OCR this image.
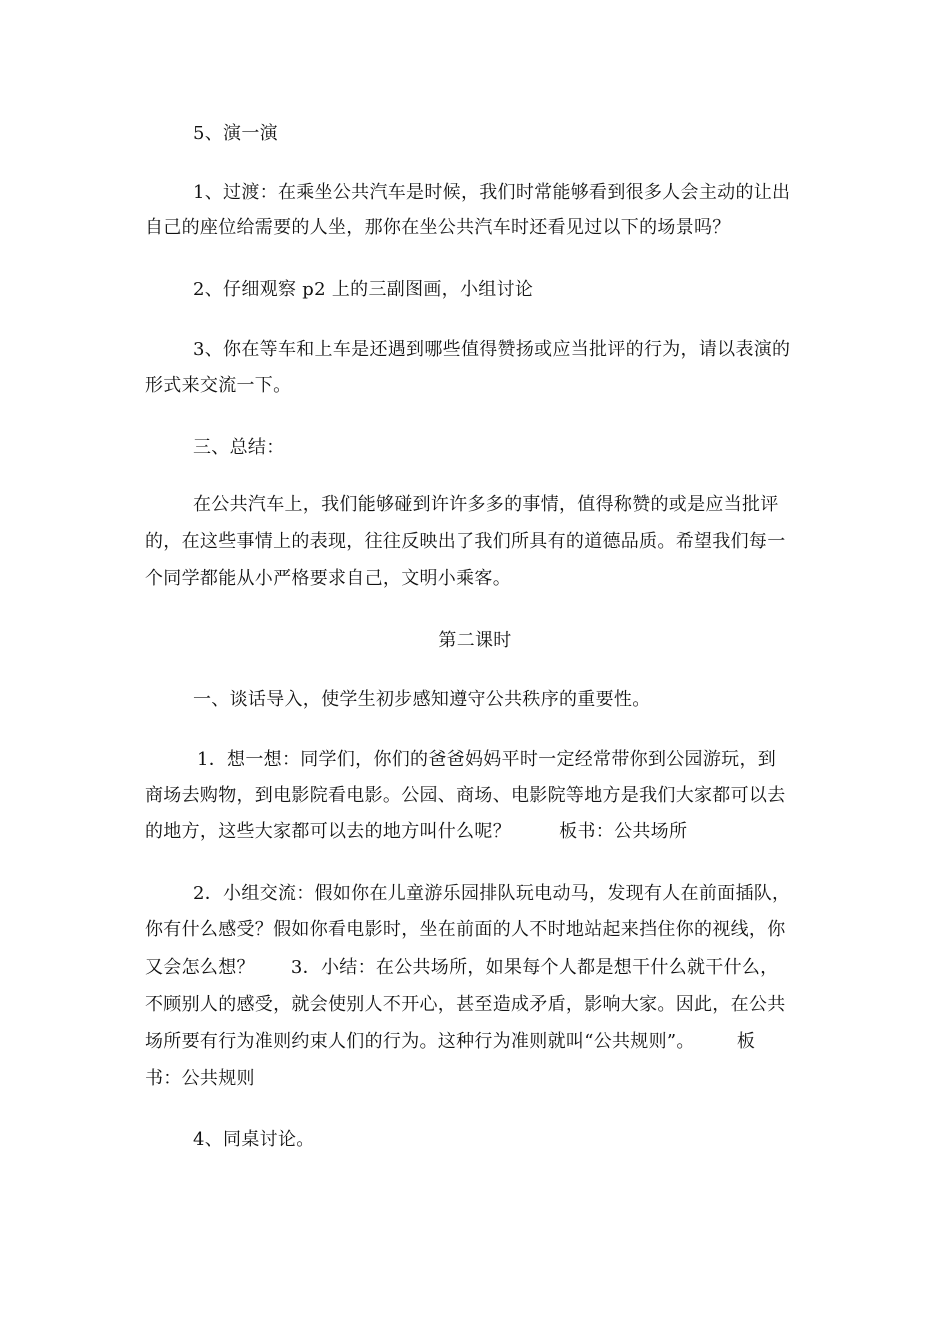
5、演一演
1、过渡：在乘坐公共汽车是时候，我们时常能够看到很多人会主动的让出
自己的座位给需要的人坐，那你在坐公共汽车时还看见过以下的场景吗？
2、仔细观察 p2 上的三副图画，小组讨论
3、你在等车和上车是还遇到哪些值得赞扬或应当批评的行为，请以表演的
形式来交流一下。
三、总结：
在公共汽车上，我们能够碰到许许多多的事情，值得称赞的或是应当批评
的，在这些事情上的表现，往往反映出了我们所具有的道德品质。希望我们每一
个同学都能从小严格要求自己，文明小乘客。
第二课时
一、谈话导入，使学生初步感知遵守公共秩序的重要性。
1．想一想：同学们，你们的爸爸妈妈平时一定经常带你到公园游玩，到
商场去购物，到电影院看电影。公园、商场、电影院等地方是我们大家都可以去
的地方，这些大家都可以去的地方叫什么呢？        板书：公共场所
2．小组交流：假如你在儿童游乐园排队玩电动马，发现有人在前面插队，
你有什么感受？假如你看电影时，坐在前面的人不时地站起来挡住你的视线，你
又会怎么想？      3．小结：在公共场所，如果每个人都是想干什么就干什么，
不顾别人的感受，就会使别人不开心，甚至造成矛盾，影响大家。因此，在公共
场所要有行为准则约束人们的行为。这种行为准则就叫“公共规则”。       板
书：公共规则
4、同桌讨论。
